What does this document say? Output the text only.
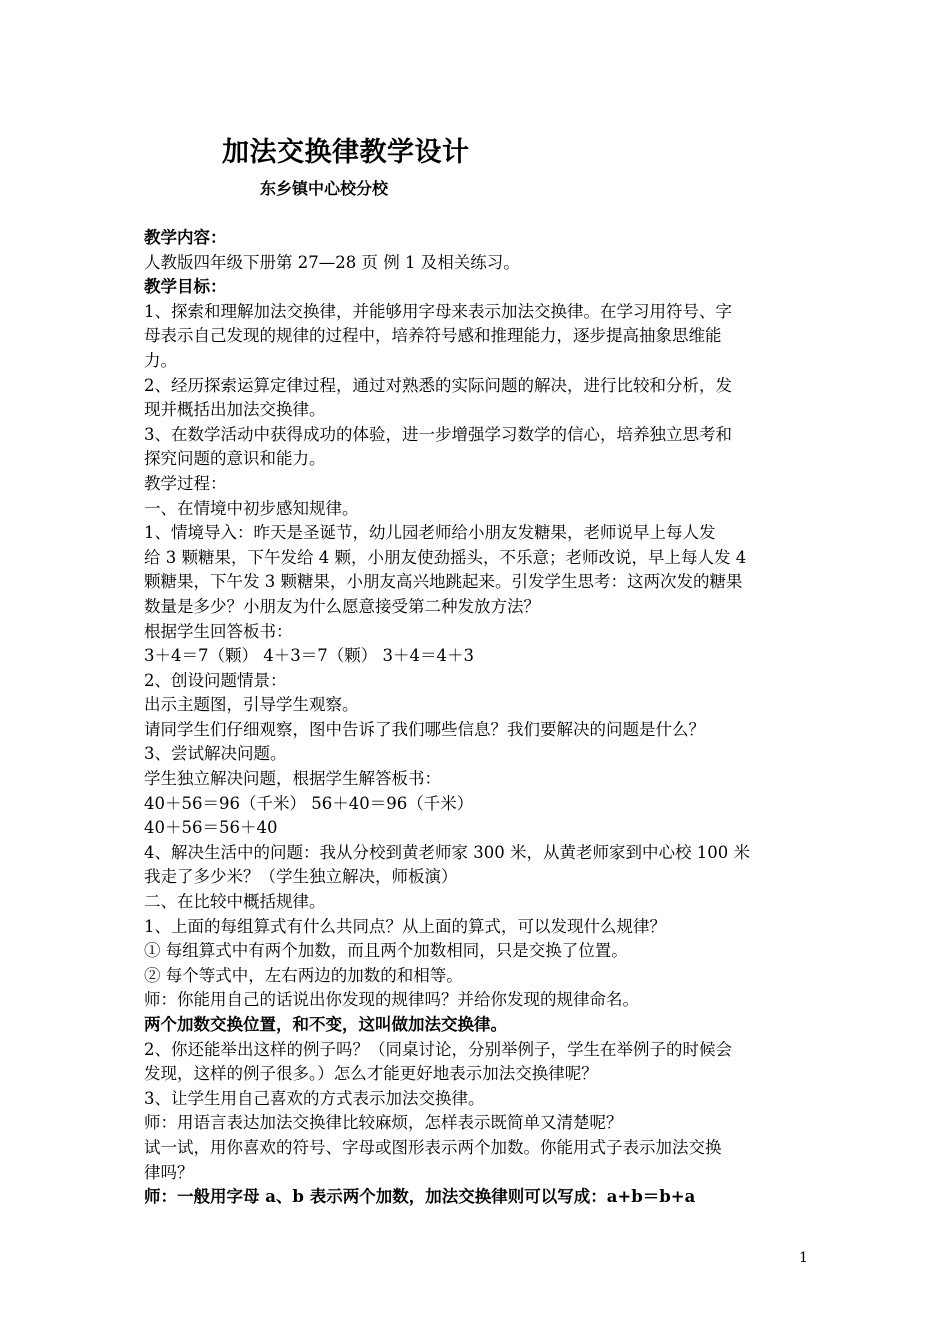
加法交换律教学设计
东乡镇中心校分校
教学内容：
人教版四年级下册第 27—28 页 例 1 及相关练习。
教学目标：
1、探索和理解加法交换律，并能够用字母来表示加法交换律。在学习用符号、字
母表示自己发现的规律的过程中，培养符号感和推理能力，逐步提高抽象思维能
力。
2、经历探索运算定律过程，通过对熟悉的实际问题的解决，进行比较和分析，发
现并概括出加法交换律。
3、在数学活动中获得成功的体验，进一步增强学习数学的信心，培养独立思考和
探究问题的意识和能力。
教学过程：
一、在情境中初步感知规律。
1、情境导入：昨天是圣诞节，幼儿园老师给小朋友发糖果，老师说早上每人发
给 3 颗糖果，下午发给 4 颗，小朋友使劲摇头，不乐意；老师改说，早上每人发 4
颗糖果，下午发 3 颗糖果，小朋友高兴地跳起来。引发学生思考：这两次发的糖果
数量是多少？小朋友为什么愿意接受第二种发放方法？
根据学生回答板书：
3＋4＝7（颗） 4＋3＝7（颗） 3＋4＝4＋3
2、创设问题情景：
出示主题图，引导学生观察。
请同学生们仔细观察，图中告诉了我们哪些信息？我们要解决的问题是什么？
3、尝试解决问题。
学生独立解决问题，根据学生解答板书：
40＋56＝96（千米） 56＋40＝96（千米）
40＋56＝56＋40
4、解决生活中的问题：我从分校到黄老师家 300 米，从黄老师家到中心校 100 米
我走了多少米？（学生独立解决，师板演）
二、在比较中概括规律。
1、上面的每组算式有什么共同点？从上面的算式，可以发现什么规律？
① 每组算式中有两个加数，而且两个加数相同，只是交换了位置。
② 每个等式中，左右两边的加数的和相等。
师：你能用自己的话说出你发现的规律吗？并给你发现的规律命名。
两个加数交换位置，和不变，这叫做加法交换律。
2、你还能举出这样的例子吗？（同桌讨论，分别举例子，学生在举例子的时候会
发现，这样的例子很多。）怎么才能更好地表示加法交换律呢？
3、让学生用自己喜欢的方式表示加法交换律。
师：用语言表达加法交换律比较麻烦，怎样表示既简单又清楚呢？
试一试，用你喜欢的符号、字母或图形表示两个加数。你能用式子表示加法交换
律吗？
师：一般用字母 a、b 表示两个加数，加法交换律则可以写成：a+b＝b+a
1
